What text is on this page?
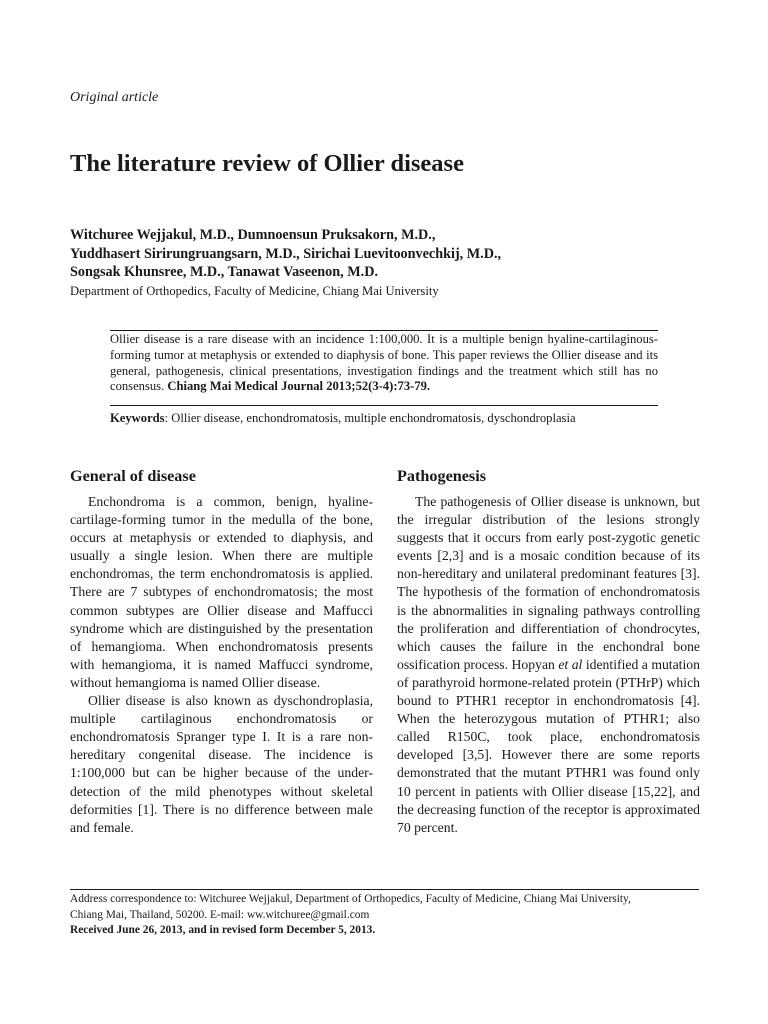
Original article
The literature review of Ollier disease
Witchuree Wejjakul, M.D., Dumnoensun Pruksakorn, M.D.,
Yuddhasert Sirirungruangsarn, M.D., Sirichai Luevitoonvechkij, M.D.,
Songsak Khunsree, M.D., Tanawat Vaseenon, M.D.
Department of Orthopedics, Faculty of Medicine, Chiang Mai University
Ollier disease is a rare disease with an incidence 1:100,000. It is a multiple benign hyaline-cartilaginous-forming tumor at metaphysis or extended to diaphysis of bone. This paper reviews the Ollier disease and its general, pathogenesis, clinical presentations, investigation findings and the treatment which still has no consensus. Chiang Mai Medical Journal 2013;52(3-4):73-79.
Keywords: Ollier disease, enchondromatosis, multiple enchondromatosis, dyschondroplasia
General of disease

Enchondroma is a common, benign, hyaline-cartilage-forming tumor in the medulla of the bone, occurs at metaphysis or extended to diaphysis, and usually a single lesion. When there are multiple enchondromas, the term enchondromatosis is applied. There are 7 subtypes of enchondromatosis; the most common subtypes are Ollier disease and Maffucci syndrome which are distinguished by the presentation of hemangioma. When enchondromatosis presents with hemangioma, it is named Maffucci syndrome, without hemangioma is named Ollier disease.

Ollier disease is also known as dyschondroplasia, multiple cartilaginous enchondromatosis or enchondromatosis Spranger type I. It is a rare non-hereditary congenital disease. The incidence is 1:100,000 but can be higher because of the under-detection of the mild phenotypes without skeletal deformities [1]. There is no difference between male and female.

Pathogenesis

The pathogenesis of Ollier disease is unknown, but the irregular distribution of the lesions strongly suggests that it occurs from early post-zygotic genetic events [2,3] and is a mosaic condition because of its non-hereditary and unilateral predominant features [3]. The hypothesis of the formation of enchondromatosis is the abnormalities in signaling pathways controlling the proliferation and differentiation of chondrocytes, which causes the failure in the enchondral bone ossification process. Hopyan et al identified a mutation of parathyroid hormone-related protein (PTHrP) which bound to PTHR1 receptor in enchondromatosis [4]. When the heterozygous mutation of PTHR1; also called R150C, took place, enchondromatosis developed [3,5]. However there are some reports demonstrated that the mutant PTHR1 was found only 10 percent in patients with Ollier disease [15,22], and the decreasing function of the receptor is approximated 70 percent.

Address correspondence to: Witchuree Wejjakul, Department of Orthopedics, Faculty of Medicine, Chiang Mai University,
Chiang Mai, Thailand, 50200. E-mail: ww.witchuree@gmail.com
Received June 26, 2013, and in revised form December 5, 2013.
